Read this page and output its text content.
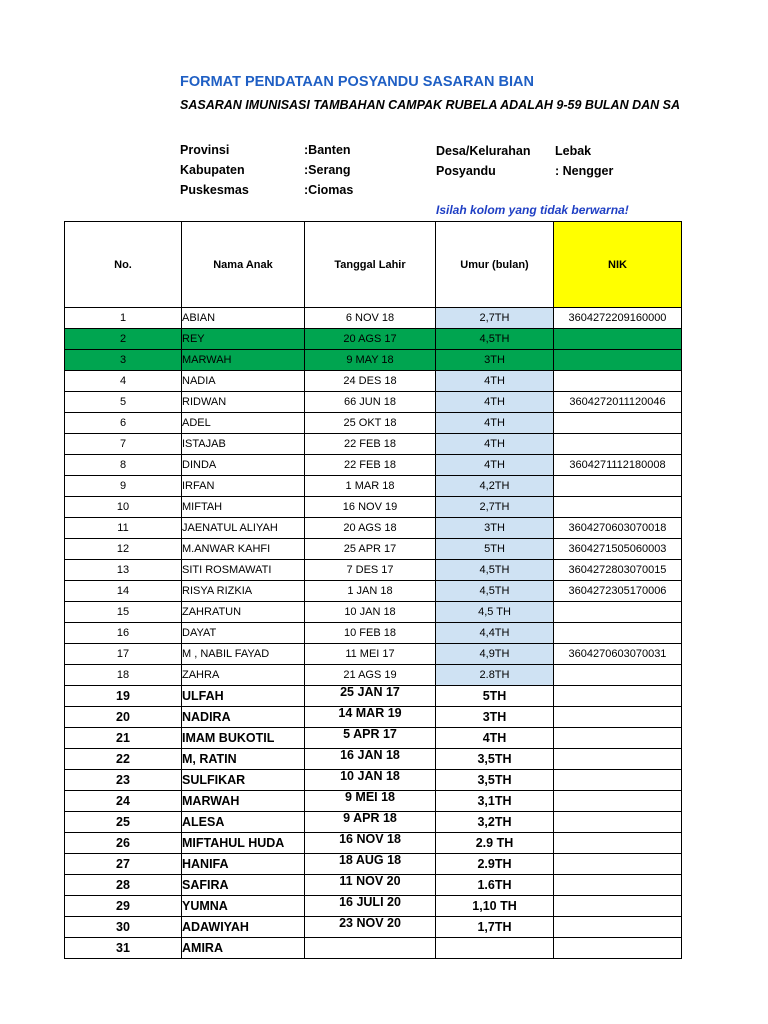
FORMAT PENDATAAN POSYANDU SASARAN BIAN

SASARAN IMUNISASI TAMBAHAN CAMPAK RUBELA ADALAH 9-59 BULAN DAN SA

Provinsi	:Banten
Kabupaten	:Serang
Puskesmas	:Ciomas
Desa/Kelurahan Lebak
Posyandu	: Nengger
Isilah kolom yang tidak berwarna!
No.	Nama Anak	Tanggal Lahir	Umur (bulan)	NIK
1	ABIAN	6 NOV 18	2,7TH	3604272209160000
2	REY	20 AGS 17	4,5TH	
3	MARWAH	9 MAY 18	3TH	
4	NADIA	24 DES 18	4TH	
5	RIDWAN	66 JUN 18	4TH	3604272011120046
6	ADEL	25 OKT 18	4TH	
7	ISTAJAB	22 FEB 18	4TH	
8	DINDA	22 FEB 18	4TH	3604271112180008
9	IRFAN	1 MAR 18	4,2TH	
10	MIFTAH	16 NOV 19	2,7TH	
11	JAENATUL ALIYAH	20 AGS 18	3TH	3604270603070018
12	M.ANWAR KAHFI	25 APR 17	5TH	3604271505060003
13	SITI ROSMAWATI	7 DES 17	4,5TH	3604272803070015
14	RISYA RIZKIA	1 JAN 18	4,5TH	3604272305170006
15	ZAHRATUN	10 JAN 18	4,5 TH	
16	DAYAT	10 FEB 18	4,4TH	
17	M , NABIL FAYAD	11 MEI 17	4,9TH	3604270603070031
18	ZAHRA	21 AGS 19	2.8TH	
19	ULFAH	25 JAN 17	5TH	
20	NADIRA	14 MAR 19	3TH	
21	IMAM BUKOTIL	5 APR 17	4TH	
22	M, RATIN	16 JAN 18	3,5TH	
23	SULFIKAR	10 JAN 18	3,5TH	
24	MARWAH	9 MEI 18	3,1TH	
25	ALESA	9 APR 18	3,2TH	
26	MIFTAHUL HUDA	16 NOV 18	2.9 TH	
27	HANIFA	18 AUG 18	2.9TH	
28	SAFIRA	11 NOV 20	1.6TH	
29	YUMNA	16 JULI 20	1,10 TH	
30	ADAWIYAH	23 NOV 20	1,7TH	
31	AMIRA			
